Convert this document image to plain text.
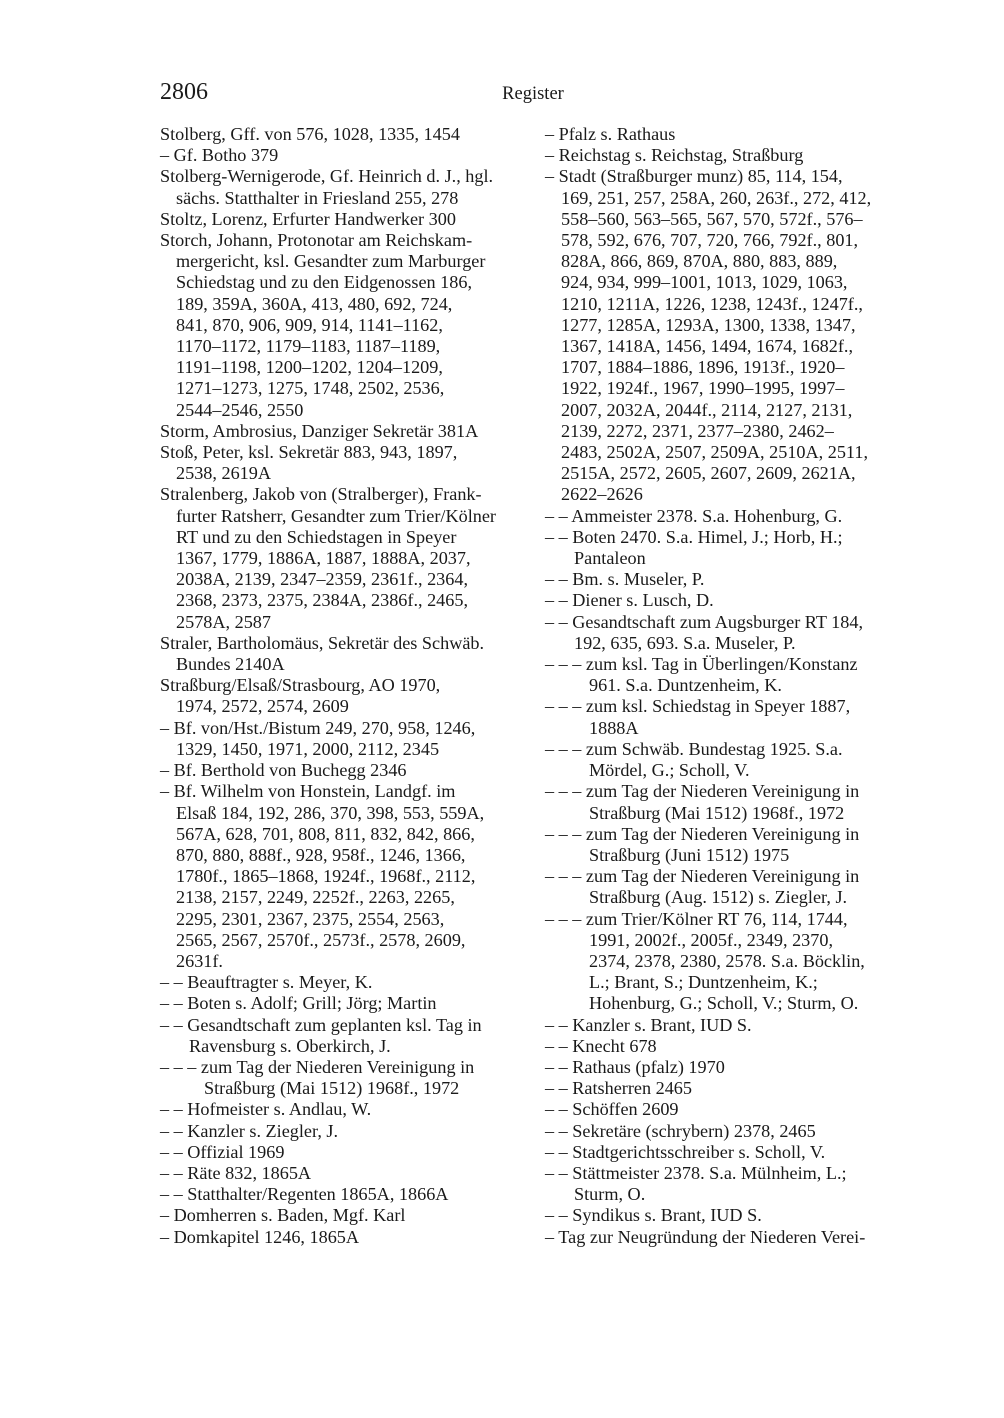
2806	Register
Stolberg, Gff. von 576, 1028, 1335, 1454
– Gf. Botho 379
Stolberg-Wernigerode, Gf. Heinrich d. J., hgl.
sächs. Statthalter in Friesland 255, 278
Stoltz, Lorenz, Erfurter Handwerker 300
Storch, Johann, Protonotar am Reichskam-
mergericht, ksl. Gesandter zum Marburger
Schiedstag und zu den Eidgenossen 186,
189, 359A, 360A, 413, 480, 692, 724,
841, 870, 906, 909, 914, 1141–1162,
1170–1172, 1179–1183, 1187–1189,
1191–1198, 1200–1202, 1204–1209,
1271–1273, 1275, 1748, 2502, 2536,
2544–2546, 2550
Storm, Ambrosius, Danziger Sekretär 381A
Stoß, Peter, ksl. Sekretär 883, 943, 1897,
2538, 2619A
Stralenberg, Jakob von (Stralberger), Frank-
furter Ratsherr, Gesandter zum Trier/Kölner
RT und zu den Schiedstagen in Speyer
1367, 1779, 1886A, 1887, 1888A, 2037,
2038A, 2139, 2347–2359, 2361f., 2364,
2368, 2373, 2375, 2384A, 2386f., 2465,
2578A, 2587
Straler, Bartholomäus, Sekretär des Schwäb.
Bundes 2140A
Straßburg/Elsaß/Strasbourg, AO 1970,
1974, 2572, 2574, 2609
– Bf. von/Hst./Bistum 249, 270, 958, 1246,
1329, 1450, 1971, 2000, 2112, 2345
– Bf. Berthold von Buchegg 2346
– Bf. Wilhelm von Honstein, Landgf. im
Elsaß 184, 192, 286, 370, 398, 553, 559A,
567A, 628, 701, 808, 811, 832, 842, 866,
870, 880, 888f., 928, 958f., 1246, 1366,
1780f., 1865–1868, 1924f., 1968f., 2112,
2138, 2157, 2249, 2252f., 2263, 2265,
2295, 2301, 2367, 2375, 2554, 2563,
2565, 2567, 2570f., 2573f., 2578, 2609,
2631f.
– – Beauftragter s. Meyer, K.
– – Boten s. Adolf; Grill; Jörg; Martin
– – Gesandtschaft zum geplanten ksl. Tag in
Ravensburg s. Oberkirch, J.
– – – zum Tag der Niederen Vereinigung in
Straßburg (Mai 1512) 1968f., 1972
– – Hofmeister s. Andlau, W.
– – Kanzler s. Ziegler, J.
– – Offizial 1969
– – Räte 832, 1865A
– – Statthalter/Regenten 1865A, 1866A
– Domherren s. Baden, Mgf. Karl
– Domkapitel 1246, 1865A
– Pfalz s. Rathaus
– Reichstag s. Reichstag, Straßburg
– Stadt (Straßburger munz) 85, 114, 154,
169, 251, 257, 258A, 260, 263f., 272, 412,
558–560, 563–565, 567, 570, 572f., 576–
578, 592, 676, 707, 720, 766, 792f., 801,
828A, 866, 869, 870A, 880, 883, 889,
924, 934, 999–1001, 1013, 1029, 1063,
1210, 1211A, 1226, 1238, 1243f., 1247f.,
1277, 1285A, 1293A, 1300, 1338, 1347,
1367, 1418A, 1456, 1494, 1674, 1682f.,
1707, 1884–1886, 1896, 1913f., 1920–
1922, 1924f., 1967, 1990–1995, 1997–
2007, 2032A, 2044f., 2114, 2127, 2131,
2139, 2272, 2371, 2377–2380, 2462–
2483, 2502A, 2507, 2509A, 2510A, 2511,
2515A, 2572, 2605, 2607, 2609, 2621A,
2622–2626
– – Ammeister 2378. S.a. Hohenburg, G.
– – Boten 2470. S.a. Himel, J.; Horb, H.;
Pantaleon
– – Bm. s. Museler, P.
– – Diener s. Lusch, D.
– – Gesandtschaft zum Augsburger RT 184,
192, 635, 693. S.a. Museler, P.
– – – zum ksl. Tag in Überlingen/Konstanz
961. S.a. Duntzenheim, K.
– – – zum ksl. Schiedstag in Speyer 1887,
1888A
– – – zum Schwäb. Bundestag 1925. S.a.
Mördel, G.; Scholl, V.
– – – zum Tag der Niederen Vereinigung in
Straßburg (Mai 1512) 1968f., 1972
– – – zum Tag der Niederen Vereinigung in
Straßburg (Juni 1512) 1975
– – – zum Tag der Niederen Vereinigung in
Straßburg (Aug. 1512) s. Ziegler, J.
– – – zum Trier/Kölner RT 76, 114, 1744,
1991, 2002f., 2005f., 2349, 2370,
2374, 2378, 2380, 2578. S.a. Böcklin,
L.; Brant, S.; Duntzenheim, K.;
Hohenburg, G.; Scholl, V.; Sturm, O.
– – Kanzler s. Brant, IUD S.
– – Knecht 678
– – Rathaus (pfalz) 1970
– – Ratsherren 2465
– – Schöffen 2609
– – Sekretäre (schrybern) 2378, 2465
– – Stadtgerichtsschreiber s. Scholl, V.
– – Stättmeister 2378. S.a. Mülnheim, L.;
Sturm, O.
– – Syndikus s. Brant, IUD S.
– Tag zur Neugründung der Niederen Verei-
